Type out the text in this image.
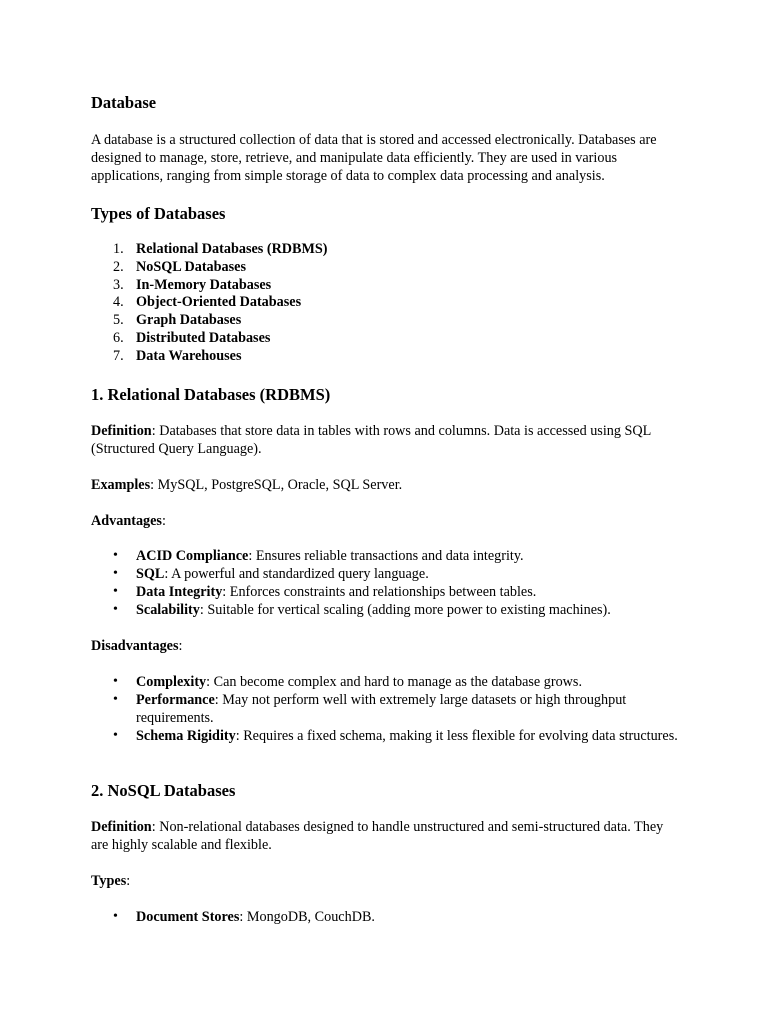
Database

A database is a structured collection of data that is stored and accessed electronically. Databases are designed to manage, store, retrieve, and manipulate data efficiently. They are used in various applications, ranging from simple storage of data to complex data processing and analysis.

Types of Databases
1. Relational Databases (RDBMS)
2. NoSQL Databases
3. In-Memory Databases
4. Object-Oriented Databases
5. Graph Databases
6. Distributed Databases
7. Data Warehouses
1. Relational Databases (RDBMS)

Definition: Databases that store data in tables with rows and columns. Data is accessed using SQL (Structured Query Language).

Examples: MySQL, PostgreSQL, Oracle, SQL Server.

Advantages:

• ACID Compliance: Ensures reliable transactions and data integrity.
• SQL: A powerful and standardized query language.
• Data Integrity: Enforces constraints and relationships between tables.
• Scalability: Suitable for vertical scaling (adding more power to existing machines).

Disadvantages:

• Complexity: Can become complex and hard to manage as the database grows.
• Performance: May not perform well with extremely large datasets or high throughput requirements.
• Schema Rigidity: Requires a fixed schema, making it less flexible for evolving data structures.
2. NoSQL Databases

Definition: Non-relational databases designed to handle unstructured and semi-structured data. They are highly scalable and flexible.

Types:

• Document Stores: MongoDB, CouchDB.
